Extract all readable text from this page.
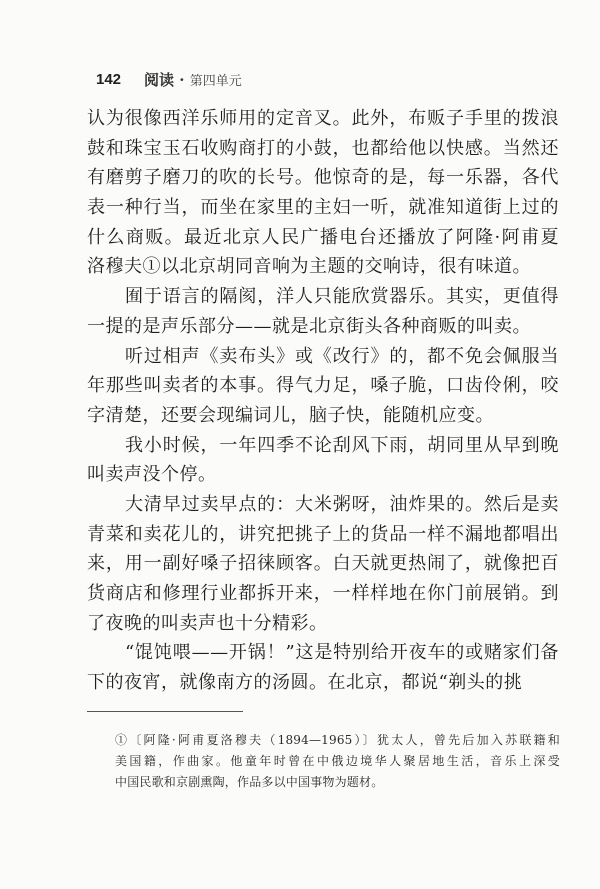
142	阅读 · 第四单元
认为很像西洋乐师用的定音叉。此外，布贩子手里的拨浪
鼓和珠宝玉石收购商打的小鼓，也都给他以快感。当然还
有磨剪子磨刀的吹的长号。他惊奇的是，每一乐器，各代
表一种行当，而坐在家里的主妇一听，就准知道街上过的
什么商贩。最近北京人民广播电台还播放了阿隆·阿甫夏
洛穆夫①以北京胡同音响为主题的交响诗，很有味道。
囿于语言的隔阂，洋人只能欣赏器乐。其实，更值得
一提的是声乐部分——就是北京街头各种商贩的叫卖。
听过相声《卖布头》或《改行》的，都不免会佩服当
年那些叫卖者的本事。得气力足，嗓子脆，口齿伶俐，咬
字清楚，还要会现编词儿，脑子快，能随机应变。
我小时候，一年四季不论刮风下雨，胡同里从早到晚
叫卖声没个停。
大清早过卖早点的：大米粥呀，油炸果的。然后是卖
青菜和卖花儿的，讲究把挑子上的货品一样不漏地都唱出
来，用一副好嗓子招徕顾客。白天就更热闹了，就像把百
货商店和修理行业都拆开来，一样样地在你门前展销。到
了夜晚的叫卖声也十分精彩。
“馄饨喂——开锅！”这是特别给开夜车的或赌家们备
下的夜宵，就像南方的汤圆。在北京，都说“剃头的挑
①〔阿隆·阿甫夏洛穆夫（1894—1965）〕犹太人，曾先后加入苏联籍和
美国籍，作曲家。他童年时曾在中俄边境华人聚居地生活，音乐上深受
中国民歌和京剧熏陶，作品多以中国事物为题材。
